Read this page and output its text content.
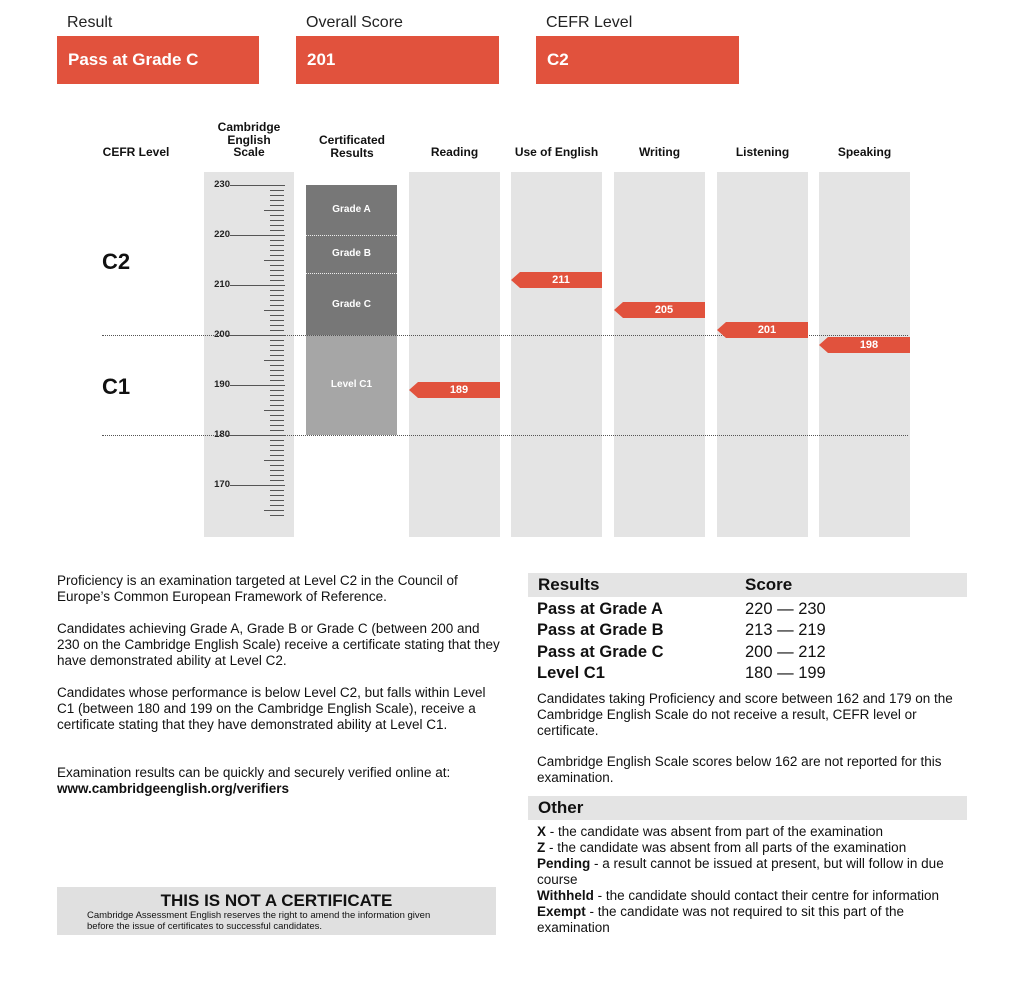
Result
Pass at Grade C
Overall Score
201
CEFR Level
C2
CEFR Level
Cambridge
English
Scale
Certificated
Results	Reading	Use of English	Writing	Listening	Speaking
230
220
210
200
190
180
170
C2
C1
Grade A
Grade B
Grade C
Level C1	189
211
205
201
198
Proficiency is an examination targeted at Level C2 in the Council of Europe’s Common European Framework of Reference.
Candidates achieving Grade A, Grade B or Grade C (between 200 and 230 on the Cambridge English Scale) receive a certificate stating that they have demonstrated ability at Level C2.
Candidates whose performance is below Level C2, but falls within Level C1 (between 180 and 199 on the Cambridge English Scale), receive a certificate stating that they have demonstrated ability at Level C1.
Examination results can be quickly and securely verified online at:
www.cambridgeenglish.org/verifiers
THIS IS NOT A CERTIFICATE
Cambridge Assessment English reserves the right to amend the information given before the issue of certificates to successful candidates.
Results	Score
Pass at Grade A	220 — 230
Pass at Grade B	213 — 219
Pass at Grade C	200 — 212
Level C1	180 — 199
Candidates taking Proficiency and score between 162 and 179 on the Cambridge English Scale do not receive a result, CEFR level or certificate.
Cambridge English Scale scores below 162 are not reported for this examination.
Other
X - the candidate was absent from part of the examination
Z - the candidate was absent from all parts of the examination
Pending - a result cannot be issued at present, but will follow in due course
Withheld - the candidate should contact their centre for information
Exempt - the candidate was not required to sit this part of the examination
